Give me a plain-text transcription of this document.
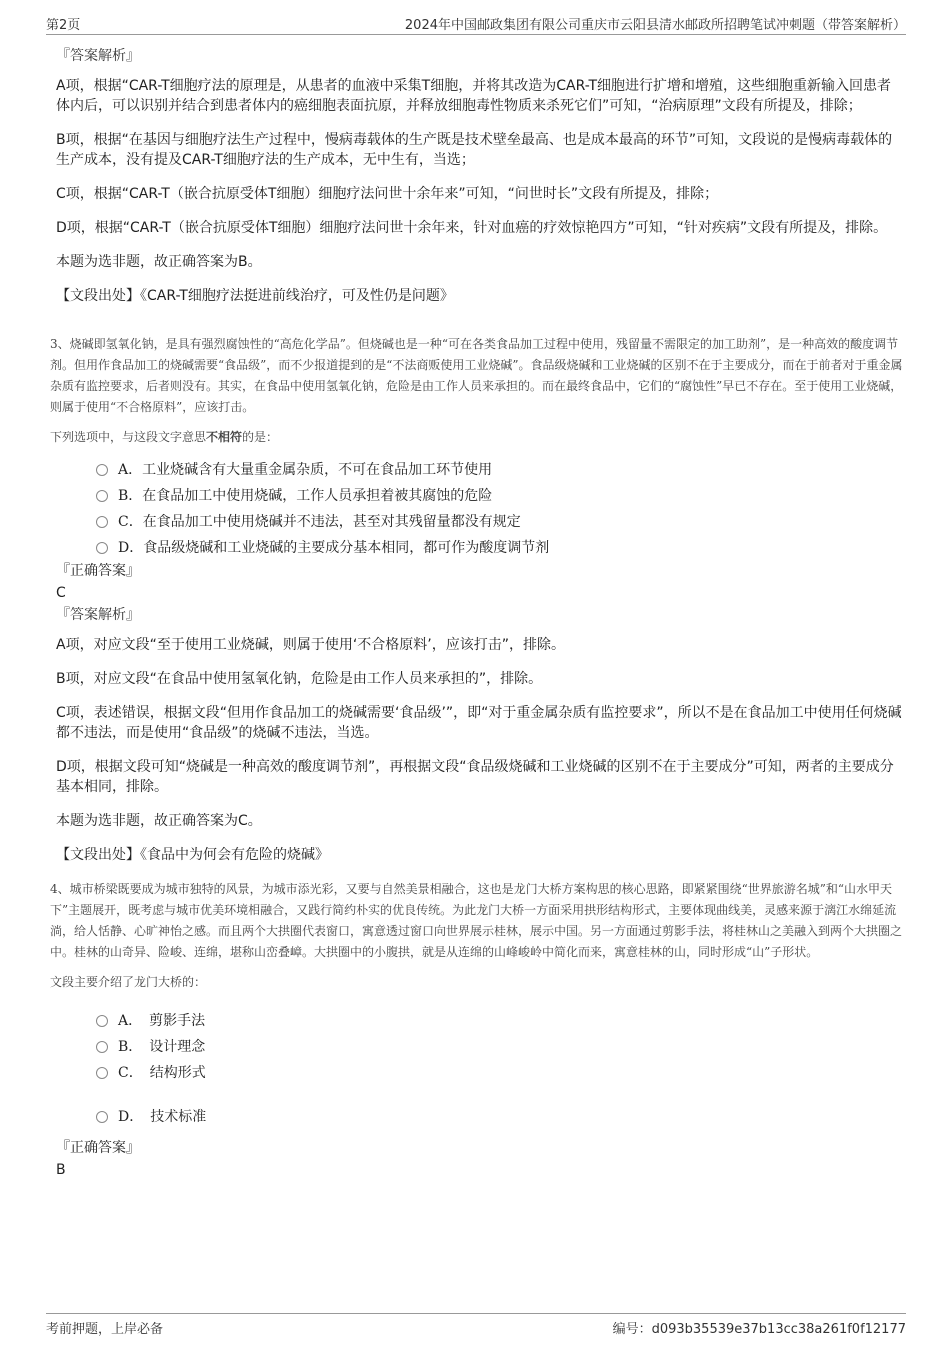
第2页	2024年中国邮政集团有限公司重庆市云阳县清水邮政所招聘笔试冲刺题（带答案解析）
『答案解析』

A项，根据“CAR-T细胞疗法的原理是，从患者的血液中采集T细胞，并将其改造为CAR-T细胞进行扩增和增殖，这些细胞重新输入回患者体内后，可以识别并结合到患者体内的癌细胞表面抗原，并释放细胞毒性物质来杀死它们”可知，“治病原理”文段有所提及，排除；

B项，根据“在基因与细胞疗法生产过程中，慢病毒载体的生产既是技术壁垒最高、也是成本最高的环节”可知，文段说的是慢病毒载体的生产成本，没有提及CAR-T细胞疗法的生产成本，无中生有，当选；

C项，根据“CAR-T（嵌合抗原受体T细胞）细胞疗法问世十余年来”可知，“问世时长”文段有所提及，排除；

D项，根据“CAR-T（嵌合抗原受体T细胞）细胞疗法问世十余年来，针对血癌的疗效惊艳四方”可知，“针对疾病”文段有所提及，排除。

本题为选非题，故正确答案为B。

【文段出处】《CAR-T细胞疗法挺进前线治疗，可及性仍是问题》

3、烧碱即氢氧化钠，是具有强烈腐蚀性的“高危化学品”。但烧碱也是一种“可在各类食品加工过程中使用，残留量不需限定的加工助剂”，是一种高效的酸度调节剂。但用作食品加工的烧碱需要“食品级”，而不少报道提到的是“不法商贩使用工业烧碱”。食品级烧碱和工业烧碱的区别不在于主要成分，而在于前者对于重金属杂质有监控要求，后者则没有。其实，在食品中使用氢氧化钠，危险是由工作人员来承担的。而在最终食品中，它们的“腐蚀性”早已不存在。至于使用工业烧碱，则属于使用“不合格原料”，应该打击。

下列选项中，与这段文字意思不相符的是：

A．工业烧碱含有大量重金属杂质，不可在食品加工环节使用
B．在食品加工中使用烧碱，工作人员承担着被其腐蚀的危险
C．在食品加工中使用烧碱并不违法，甚至对其残留量都没有规定
D．食品级烧碱和工业烧碱的主要成分基本相同，都可作为酸度调节剂
『正确答案』
C
『答案解析』

A项，对应文段“至于使用工业烧碱，则属于使用‘不合格原料’，应该打击”，排除。

B项，对应文段“在食品中使用氢氧化钠，危险是由工作人员来承担的”，排除。

C项，表述错误，根据文段“但用作食品加工的烧碱需要‘食品级’”，即“对于重金属杂质有监控要求”，所以不是在食品加工中使用任何烧碱都不违法，而是使用“食品级”的烧碱不违法，当选。

D项，根据文段可知“烧碱是一种高效的酸度调节剂”，再根据文段“食品级烧碱和工业烧碱的区别不在于主要成分”可知，两者的主要成分基本相同，排除。

本题为选非题，故正确答案为C。

【文段出处】《食品中为何会有危险的烧碱》

4、城市桥梁既要成为城市独特的风景，为城市添光彩，又要与自然美景相融合，这也是龙门大桥方案构思的核心思路，即紧紧围绕“世界旅游名城”和“山水甲天下”主题展开，既考虑与城市优美环境相融合，又践行简约朴实的优良传统。为此龙门大桥一方面采用拱形结构形式，主要体现曲线美，灵感来源于漓江水绵延流淌，给人恬静、心旷神怡之感。而且两个大拱圈代表窗口，寓意透过窗口向世界展示桂林，展示中国。另一方面通过剪影手法，将桂林山之美融入到两个大拱圈之中。桂林的山奇异、险峻、连绵，堪称山峦叠嶂。大拱圈中的小腹拱，就是从连绵的山峰峻岭中简化而来，寓意桂林的山，同时形成“山”子形状。

文段主要介绍了龙门大桥的：

A．　剪影手法
B．　设计理念
C．　结构形式
D．　技术标准
『正确答案』
B
考前押题，上岸必备	编号：d093b35539e37b13cc38a261f0f12177
